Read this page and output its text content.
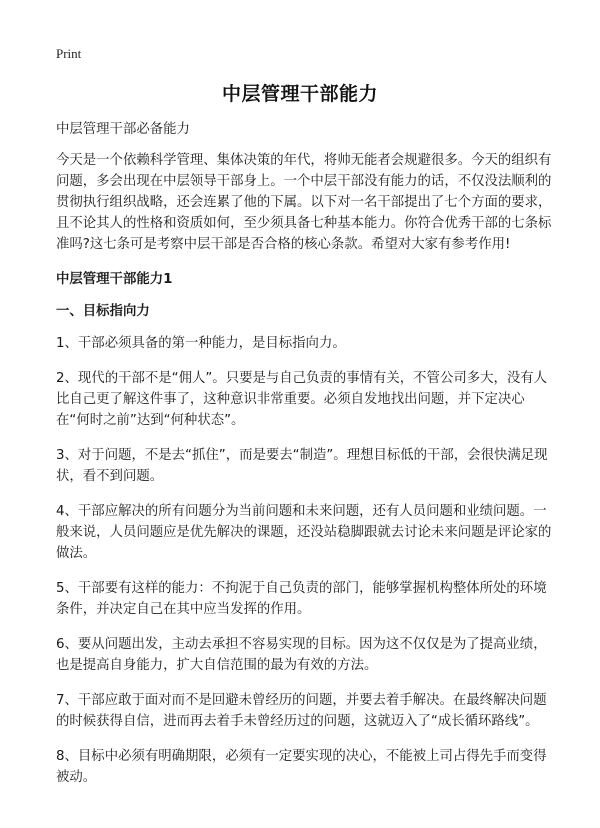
Print
中层管理干部能力

中层管理干部必备能力

今天是一个依赖科学管理、集体决策的年代，将帅无能者会规避很多。今天的组织有问题，多会出现在中层领导干部身上。一个中层干部没有能力的话，不仅没法顺利的贯彻执行组织战略，还会连累了他的下属。以下对一名干部提出了七个方面的要求，且不论其人的性格和资质如何，至少须具备七种基本能力。你符合优秀干部的七条标准吗?这七条可是考察中层干部是否合格的核心条款。希望对大家有参考作用!

中层管理干部能力1

一、目标指向力

1、干部必须具备的第一种能力，是目标指向力。

2、现代的干部不是“佣人”。只要是与自己负责的事情有关，不管公司多大，没有人比自己更了解这件事了，这种意识非常重要。必须自发地找出问题，并下定决心在“何时之前”达到“何种状态”。

3、对于问题，不是去“抓住”，而是要去“制造”。理想目标低的干部，会很快满足现状，看不到问题。

4、干部应解决的所有问题分为当前问题和未来问题，还有人员问题和业绩问题。一般来说，人员问题应是优先解决的课题，还没站稳脚跟就去讨论未来问题是评论家的做法。

5、干部要有这样的能力：不拘泥于自己负责的部门，能够掌握机构整体所处的环境条件，并决定自己在其中应当发挥的作用。

6、要从问题出发，主动去承担不容易实现的目标。因为这不仅仅是为了提高业绩，也是提高自身能力，扩大自信范围的最为有效的方法。

7、干部应敢于面对而不是回避未曾经历的问题，并要去着手解决。在最终解决问题的时候获得自信，进而再去着手未曾经历过的问题，这就迈入了“成长循环路线”。

8、目标中必须有明确期限，必须有一定要实现的决心，不能被上司占得先手而变得被动。
